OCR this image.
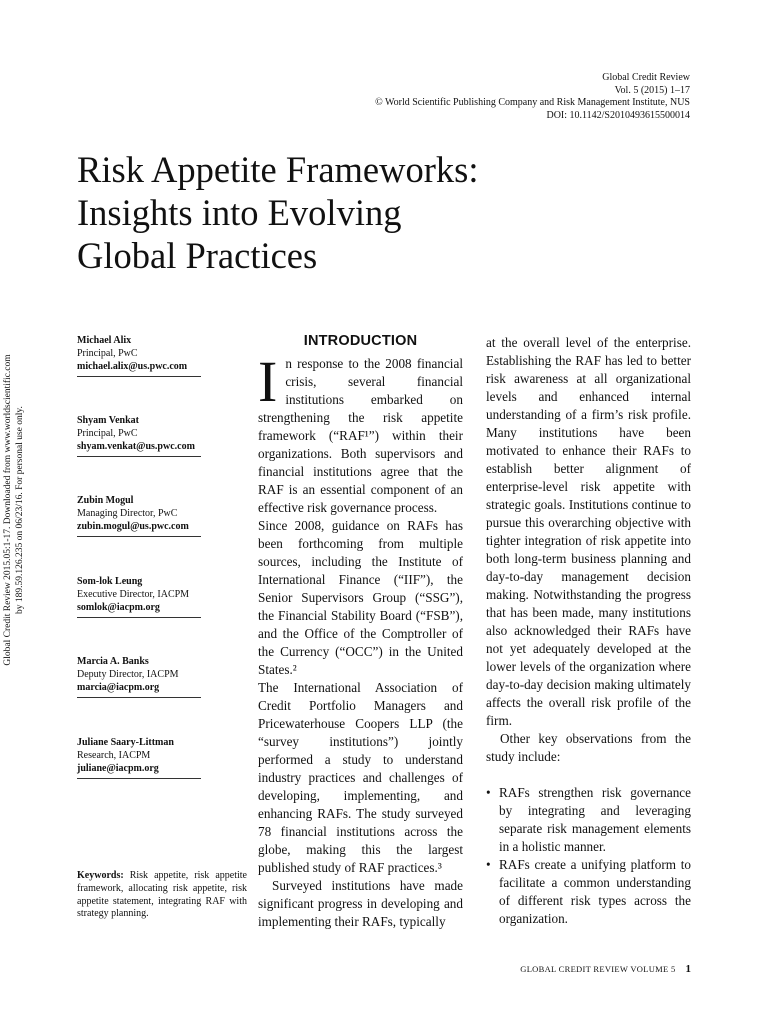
Global Credit Review
Vol. 5 (2015) 1–17
© World Scientific Publishing Company and Risk Management Institute, NUS
DOI: 10.1142/S2010493615500014
Global Credit Review 2015.05:1-17. Downloaded from www.worldscientific.com by 189.59.126.235 on 06/23/16. For personal use only.
Risk Appetite Frameworks:
Insights into Evolving
Global Practices
Michael Alix
Principal, PwC
michael.alix@us.pwc.com
Shyam Venkat
Principal, PwC
shyam.venkat@us.pwc.com
Zubin Mogul
Managing Director, PwC
zubin.mogul@us.pwc.com
Som-lok Leung
Executive Director, IACPM
somlok@iacpm.org
Marcia A. Banks
Deputy Director, IACPM
marcia@iacpm.org
Juliane Saary-Littman
Research, IACPM
juliane@iacpm.org
Keywords: Risk appetite, risk appetite framework, allocating risk appetite, risk appetite statement, integrating RAF with strategy planning.
INTRODUCTION

In response to the 2008 financial crisis, several financial institutions embarked on strengthening the risk appetite framework (“RAF¹”) within their organizations. Both supervisors and financial institutions agree that the RAF is an essential component of an effective risk governance process.

Since 2008, guidance on RAFs has been forthcoming from multiple sources, including the Institute of International Finance (“IIF”), the Senior Supervisors Group (“SSG”), the Financial Stability Board (“FSB”), and the Office of the Comptroller of the Currency (“OCC”) in the United States.²

The International Association of Credit Portfolio Managers and Pricewaterhouse Coopers LLP (the “survey institutions”) jointly performed a study to understand industry practices and challenges of developing, implementing, and enhancing RAFs. The study surveyed 78 financial institutions across the globe, making this the largest published study of RAF practices.³

Surveyed institutions have made significant progress in developing and implementing their RAFs, typically

at the overall level of the enterprise. Establishing the RAF has led to better risk awareness at all organizational levels and enhanced internal understanding of a firm’s risk profile. Many institutions have been motivated to enhance their RAFs to establish better alignment of enterprise-level risk appetite with strategic goals. Institutions continue to pursue this overarching objective with tighter integration of risk appetite into both long-term business planning and day-to-day management decision making. Notwithstanding the progress that has been made, many institutions also acknowledged their RAFs have not yet adequately developed at the lower levels of the organization where day-to-day decision making ultimately affects the overall risk profile of the firm.

Other key observations from the study include:

• RAFs strengthen risk governance by integrating and leveraging separate risk management elements in a holistic manner.
• RAFs create a unifying platform to facilitate a common understanding of different risk types across the organization.
GLOBAL CREDIT REVIEW VOLUME 5 1
